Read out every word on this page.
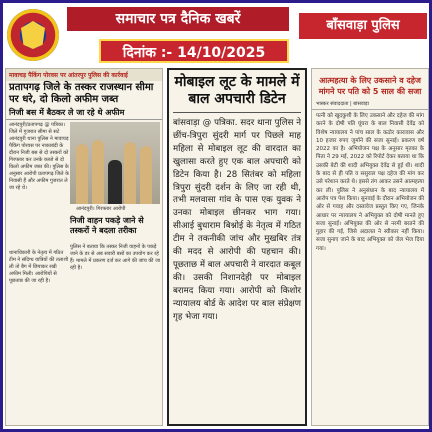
समाचार पत्र दैनिक खबरें
दिनांक :- 14/10/2025
बाँसवाड़ा पुलिस
मावाचड़ पैकिंग पोरवस पर आंतरपुर पुलिस की कार्रवाई
प्रतापगढ़ जिले के तस्कर राजस्थान सीमा पर धरे, दो किलो अफीम जब्त
निजी बस में बैठकर ले जा रहे थे अफीम
आनंदपुरी/प्रतापगढ़ @ पत्रिका। जिले में गुजरात सीमा से सटे आनंदपुरी थाना पुलिस ने मावाचड़ पैकिंग पोरवस पर नाकाबंदी के दौरान निजी बस से दो तस्करों को गिरफ्तार कर उनके कब्जे से दो किलो अफीम जब्त की। पुलिस के अनुसार आरोपी प्रतापगढ़ जिले के निवासी हैं और अफीम गुजरात ले जा रहे थे।
आनंदपुरी। गिरफ्तार आरोपी
निजी वाहन पकड़े जाने से तस्करों ने बदला तरीका
पुलिस ने बताया कि तस्कर निजी वाहनों के पकड़े जाने के डर से अब सवारी बसों का उपयोग कर रहे हैं। मामले में प्रकरण दर्ज कर आगे की जांच की जा रही है।
थानाधिकारी के नेतृत्व में गठित टीम ने संदिग्ध यात्रियों की तलाशी ली तो बैग में छिपाकर रखी अफीम मिली। आरोपियों से पूछताछ की जा रही है।
मोबाइल लूट के मामले में बाल अपचारी डिटेन
बांसवाड़ा @ पत्रिका. सदर थाना पुलिस ने छींच-त्रिपुरा सुंदरी मार्ग पर पिछले माह महिला से मोबाइल लूट की वारदात का खुलासा करते हुए एक बाल अपचारी को डिटेन किया है। 28 सितंबर को महिला त्रिपुरा सुंदरी दर्शन के लिए जा रही थी, तभी मलवासा गांव के पास एक युवक ने उनका मोबाइल छीनकर भाग गया। सीआई बुधाराम बिश्नोई के नेतृत्व में गठित टीम ने तकनीकी जांच और मुखबिर तंत्र की मदद से आरोपी की पहचान की। पूछताछ में बाल अपचारी ने वारदात कबूल की। उसकी निशानदेही पर मोबाइल बरामद किया गया। आरोपी को किशोर न्यायालय बोर्ड के आदेश पर बाल संप्रेक्षण गृह भेजा गया।
आत्महत्या के लिए उकसाने व दहेज मांगने पर पति को 5 साल की सजा
भास्कर संवाददाता | बांसवाड़ा
पत्नी को खुदकुशी के लिए उकसाने और दहेज की मांग करने के दोषी पति घूंघरा के बाल निवासी देवेंद्र को विशेष न्यायालय ने पांच साल के कठोर कारावास और 10 हजार रुपए जुर्माने की सजा सुनाई। प्रकरण वर्ष 2022 का है। अभियोजन पक्ष के अनुसार मृतका के पिता ने 29 मई, 2022 को रिपोर्ट देकर बताया था कि उसकी बेटी की शादी अभियुक्त देवेंद्र से हुई थी। शादी के बाद से ही पति व ससुराल पक्ष दहेज की मांग कर उसे परेशान करते थे। इससे तंग आकर उसने आत्महत्या कर ली। पुलिस ने अनुसंधान के बाद न्यायालय में आरोप पत्र पेश किया। सुनवाई के दौरान अभियोजन की ओर से गवाह और दस्तावेज प्रस्तुत किए गए, जिनके आधार पर न्यायालय ने अभियुक्त को दोषी मानते हुए सजा सुनाई। अभियुक्त की ओर से नरमी बरतने की गुहार की गई, जिसे अदालत ने स्वीकार नहीं किया। सजा सुनाए जाने के बाद अभियुक्त को जेल भेज दिया गया।
